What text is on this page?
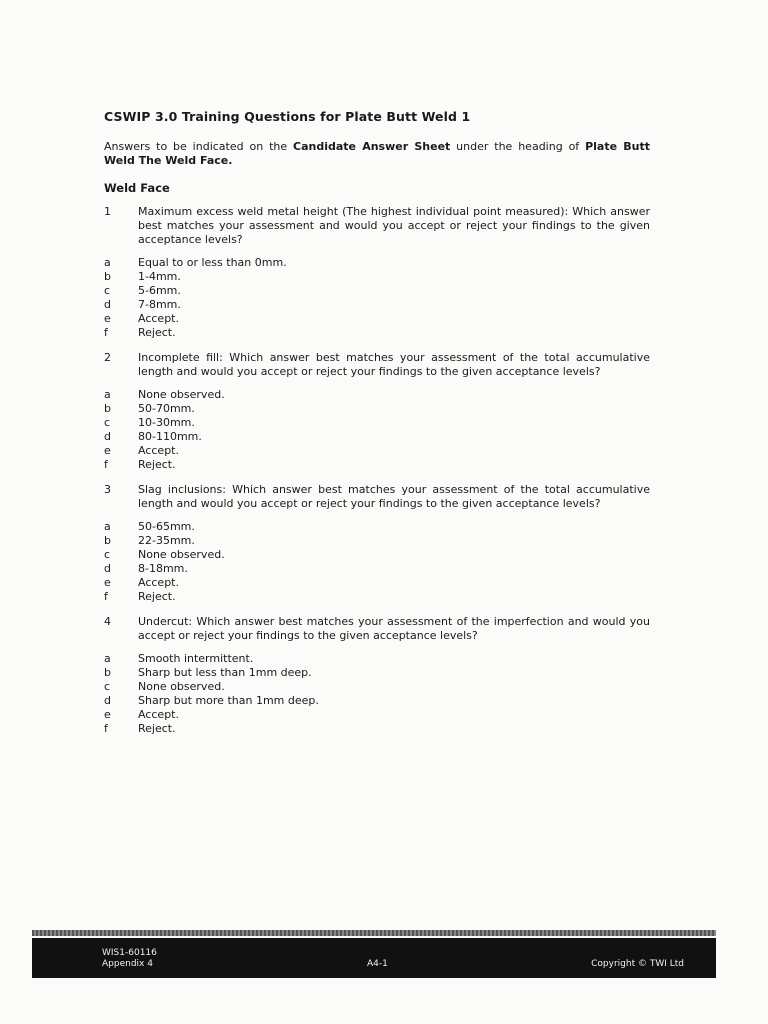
CSWIP 3.0 Training Questions for Plate Butt Weld 1
Answers to be indicated on the Candidate Answer Sheet under the heading of Plate Butt Weld The Weld Face.
Weld Face
1	Maximum excess weld metal height (The highest individual point measured): Which answer best matches your assessment and would you accept or reject your findings to the given acceptance levels?
a	Equal to or less than 0mm.
b	1-4mm.
c	5-6mm.
d	7-8mm.
e	Accept.
f	Reject.
2	Incomplete fill: Which answer best matches your assessment of the total accumulative length and would you accept or reject your findings to the given acceptance levels?
a	None observed.
b	50-70mm.
c	10-30mm.
d	80-110mm.
e	Accept.
f	Reject.
3	Slag inclusions: Which answer best matches your assessment of the total accumulative length and would you accept or reject your findings to the given acceptance levels?
a	50-65mm.
b	22-35mm.
c	None observed.
d	8-18mm.
e	Accept.
f	Reject.
4	Undercut: Which answer best matches your assessment of the imperfection and would you accept or reject your findings to the given acceptance levels?
a	Smooth intermittent.
b	Sharp but less than 1mm deep.
c	None observed.
d	Sharp but more than 1mm deep.
e	Accept.
f	Reject.
WIS1-60116
Appendix 4	A4-1	Copyright © TWI Ltd
